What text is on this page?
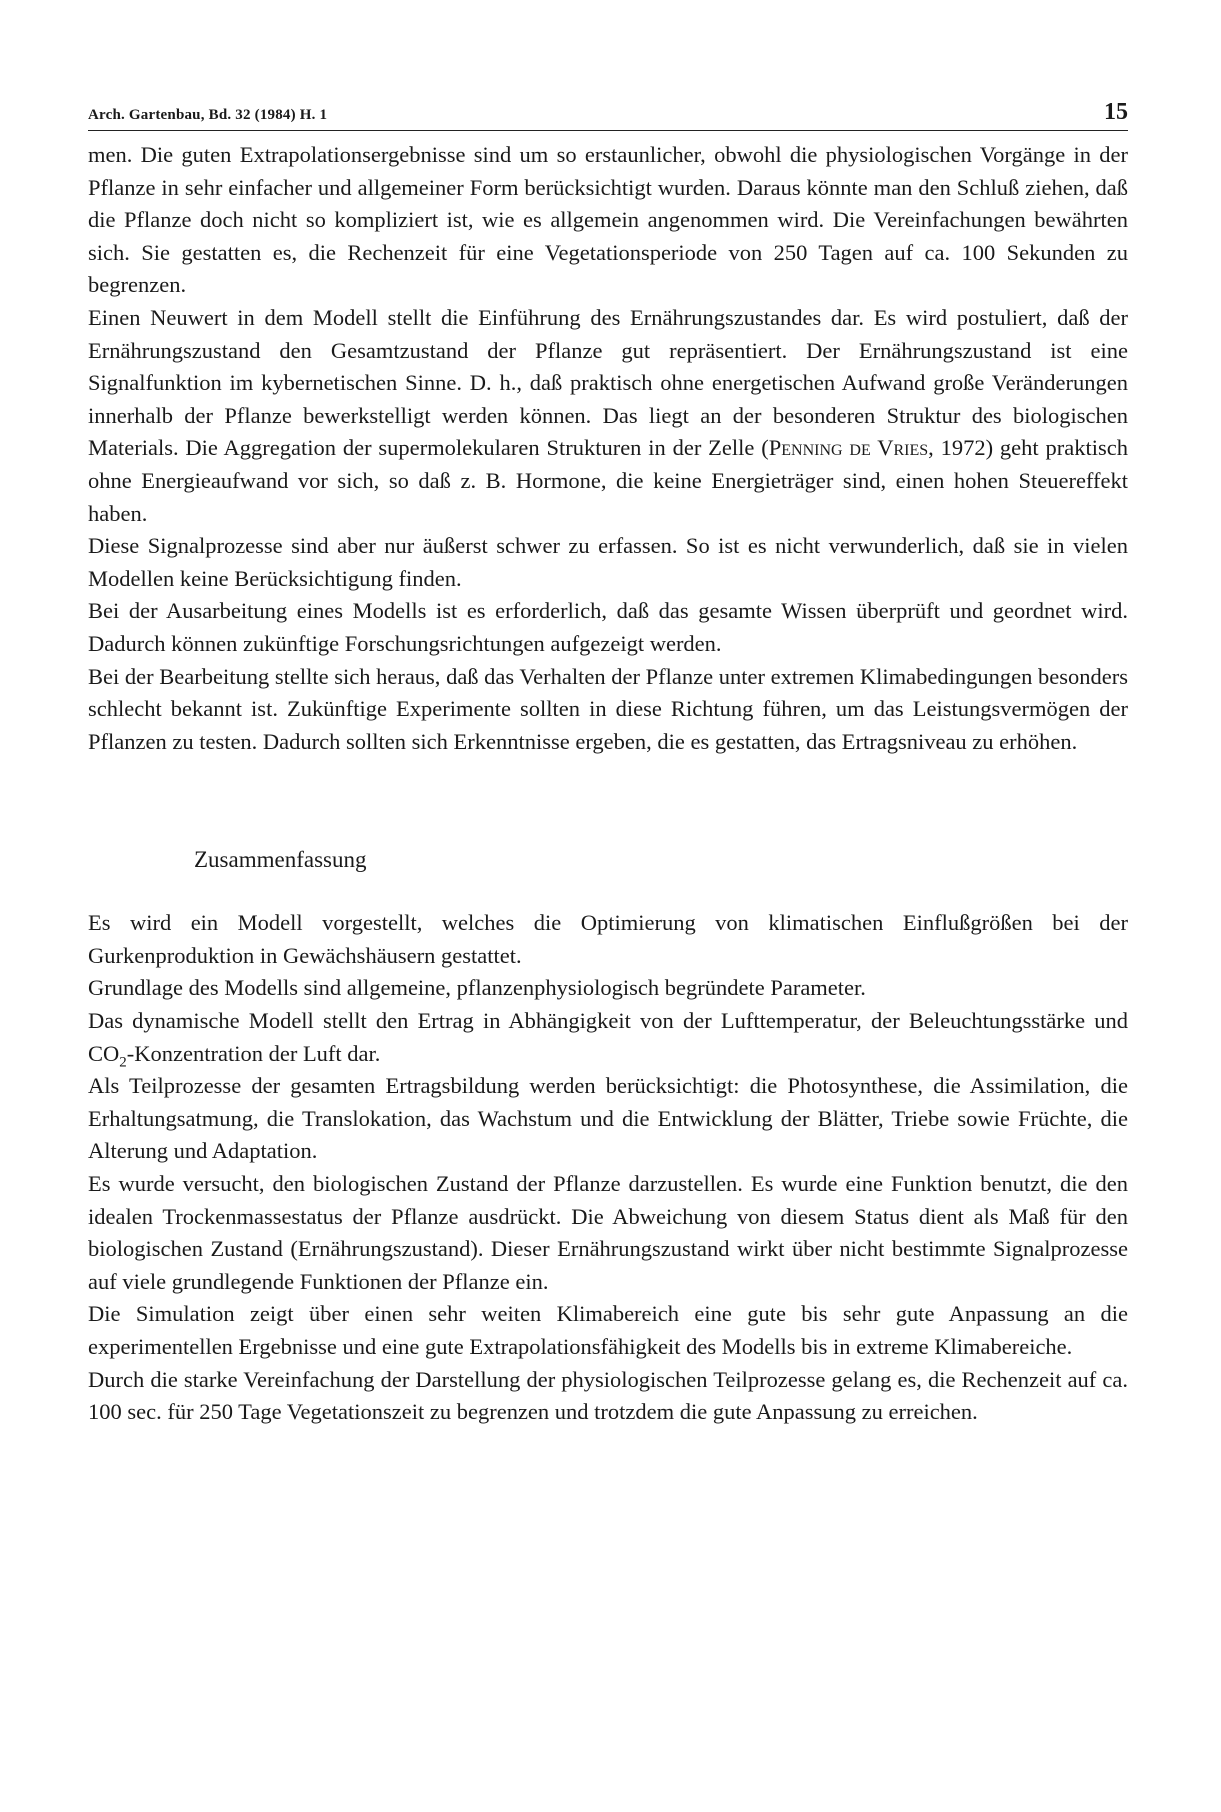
Arch. Gartenbau, Bd. 32 (1984) H. 1	15

men. Die guten Extrapolationsergebnisse sind um so erstaunlicher, obwohl die physiologischen Vorgänge in der Pflanze in sehr einfacher und allgemeiner Form berücksichtigt wurden. Daraus könnte man den Schluß ziehen, daß die Pflanze doch nicht so kompliziert ist, wie es allgemein angenommen wird. Die Vereinfachungen bewährten sich. Sie gestatten es, die Rechenzeit für eine Vegetationsperiode von 250 Tagen auf ca. 100 Sekunden zu begrenzen.

Einen Neuwert in dem Modell stellt die Einführung des Ernährungszustandes dar. Es wird postuliert, daß der Ernährungszustand den Gesamtzustand der Pflanze gut repräsentiert. Der Ernährungszustand ist eine Signalfunktion im kybernetischen Sinne. D. h., daß praktisch ohne energetischen Aufwand große Veränderungen innerhalb der Pflanze bewerkstelligt werden können. Das liegt an der besonderen Struktur des biologischen Materials. Die Aggregation der supermolekularen Strukturen in der Zelle (Penning de Vries, 1972) geht praktisch ohne Energieaufwand vor sich, so daß z. B. Hormone, die keine Energieträger sind, einen hohen Steuereffekt haben.

Diese Signalprozesse sind aber nur äußerst schwer zu erfassen. So ist es nicht verwunderlich, daß sie in vielen Modellen keine Berücksichtigung finden.

Bei der Ausarbeitung eines Modells ist es erforderlich, daß das gesamte Wissen überprüft und geordnet wird. Dadurch können zukünftige Forschungsrichtungen aufgezeigt werden.

Bei der Bearbeitung stellte sich heraus, daß das Verhalten der Pflanze unter extremen Klimabedingungen besonders schlecht bekannt ist. Zukünftige Experimente sollten in diese Richtung führen, um das Leistungsvermögen der Pflanzen zu testen. Dadurch sollten sich Erkenntnisse ergeben, die es gestatten, das Ertragsniveau zu erhöhen.

Zusammenfassung

Es wird ein Modell vorgestellt, welches die Optimierung von klimatischen Einflußgrößen bei der Gurkenproduktion in Gewächshäusern gestattet.

Grundlage des Modells sind allgemeine, pflanzenphysiologisch begründete Parameter.

Das dynamische Modell stellt den Ertrag in Abhängigkeit von der Lufttemperatur, der Beleuchtungsstärke und $CO_2$-Konzentration der Luft dar.

Als Teilprozesse der gesamten Ertragsbildung werden berücksichtigt: die Photosynthese, die Assimilation, die Erhaltungsatmung, die Translokation, das Wachstum und die Entwicklung der Blätter, Triebe sowie Früchte, die Alterung und Adaptation.

Es wurde versucht, den biologischen Zustand der Pflanze darzustellen. Es wurde eine Funktion benutzt, die den idealen Trockenmassestatus der Pflanze ausdrückt. Die Abweichung von diesem Status dient als Maß für den biologischen Zustand (Ernährungszustand). Dieser Ernährungszustand wirkt über nicht bestimmte Signalprozesse auf viele grundlegende Funktionen der Pflanze ein.

Die Simulation zeigt über einen sehr weiten Klimabereich eine gute bis sehr gute Anpassung an die experimentellen Ergebnisse und eine gute Extrapolationsfähigkeit des Modells bis in extreme Klimabereiche.

Durch die starke Vereinfachung der Darstellung der physiologischen Teilprozesse gelang es, die Rechenzeit auf ca. 100 sec. für 250 Tage Vegetationszeit zu begrenzen und trotzdem die gute Anpassung zu erreichen.
